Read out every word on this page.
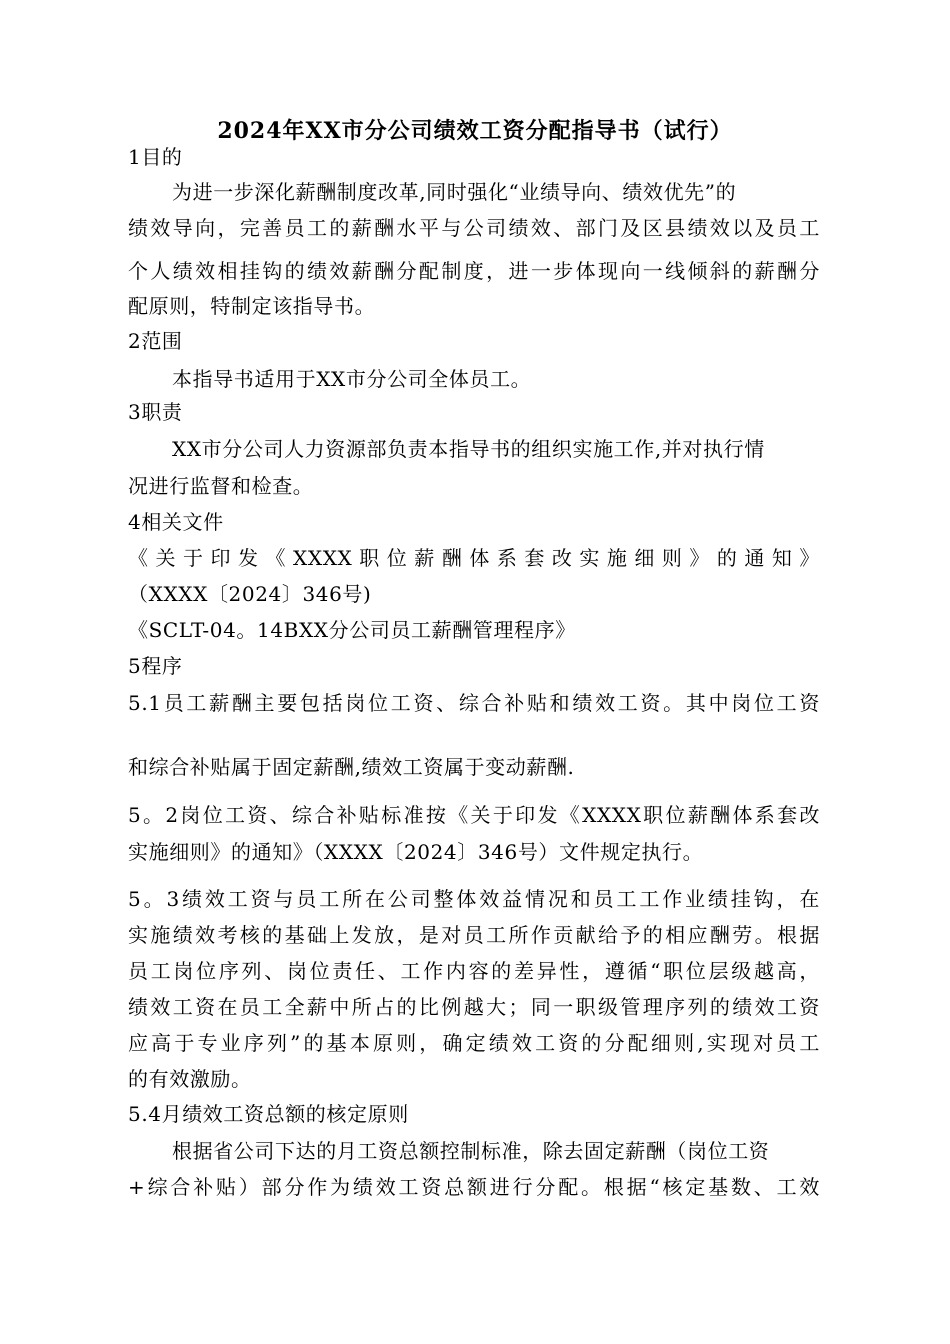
2024年XX市分公司绩效工资分配指导书（试行）
1目的
为进一步深化薪酬制度改革,同时强化“业绩导向、绩效优先”的
绩效导向，完善员工的薪酬水平与公司绩效、部门及区县绩效以及员工
个人绩效相挂钩的绩效薪酬分配制度，进一步体现向一线倾斜的薪酬分
配原则，特制定该指导书。
2范围
本指导书适用于XX市分公司全体员工。
3职责
XX市分公司人力资源部负责本指导书的组织实施工作,并对执行情
况进行监督和检查。
4相关文件
《关于印发《XXXX职位薪酬体系套改实施细则》的通知》
（XXXX〔2024〕346号)
《SCLT-04。14BXX分公司员工薪酬管理程序》
5程序
5.1员工薪酬主要包括岗位工资、综合补贴和绩效工资。其中岗位工资
和综合补贴属于固定薪酬,绩效工资属于变动薪酬.
5。2岗位工资、综合补贴标准按《关于印发《XXXX职位薪酬体系套改
实施细则》的通知》（XXXX〔2024〕346号）文件规定执行。
5。3绩效工资与员工所在公司整体效益情况和员工工作业绩挂钩，在
实施绩效考核的基础上发放，是对员工所作贡献给予的相应酬劳。根据
员工岗位序列、岗位责任、工作内容的差异性，遵循“职位层级越高，
绩效工资在员工全薪中所占的比例越大；同一职级管理序列的绩效工资
应高于专业序列”的基本原则，确定绩效工资的分配细则,实现对员工
的有效激励。
5.4月绩效工资总额的核定原则
根据省公司下达的月工资总额控制标准，除去固定薪酬（岗位工资
+综合补贴）部分作为绩效工资总额进行分配。根据“核定基数、工效
